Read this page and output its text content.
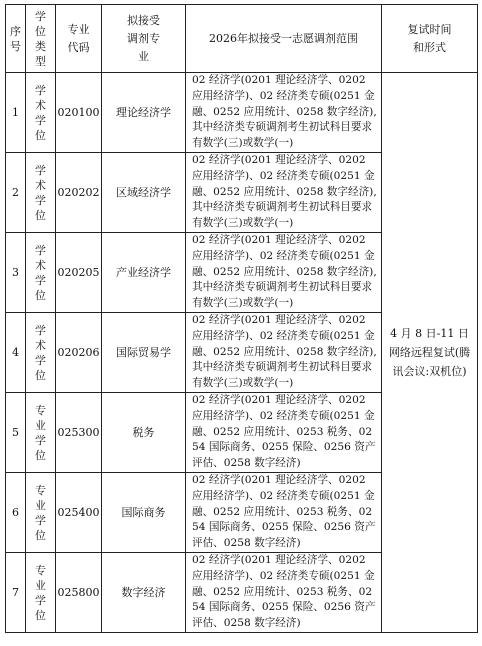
序号	学位类型	专业代码	拟接受调剂专业	2026年拟接受一志愿调剂范围	复试时间和形式

1	学术学位	020100	理论经济学	02 经济学(0201 理论经济学、0202 应用经济学)、02 经济类专硕(0251 金融、0252 应用统计、0258 数字经济),其中经济类专硕调剂考生初试科目要求有数学(三)或数学(一)	4 月 8 日-11 日网络远程复试(腾讯会议:双机位)
2	学术学位	020202	区域经济学	02 经济学(0201 理论经济学、0202 应用经济学)、02 经济类专硕(0251 金融、0252 应用统计、0258 数字经济),其中经济类专硕调剂考生初试科目要求有数学(三)或数学(一)	
3	学术学位	020205	产业经济学	02 经济学(0201 理论经济学、0202 应用经济学)、02 经济类专硕(0251 金融、0252 应用统计、0258 数字经济),其中经济类专硕调剂考生初试科目要求有数学(三)或数学(一)	
4	学术学位	020206	国际贸易学	02 经济学(0201 理论经济学、0202 应用经济学)、02 经济类专硕(0251 金融、0252 应用统计、0258 数字经济),其中经济类专硕调剂考生初试科目要求有数学(三)或数学(一)	
5	专业学位	025300	税务	02 经济学(0201 理论经济学、0202 应用经济学)、02 经济类专硕(0251 金融、0252 应用统计、0253 税务、0254 国际商务、0255 保险、0256 资产评估、0258 数字经济)	
6	专业学位	025400	国际商务	02 经济学(0201 理论经济学、0202 应用经济学)、02 经济类专硕(0251 金融、0252 应用统计、0253 税务、0254 国际商务、0255 保险、0256 资产评估、0258 数字经济)	
7	专业学位	025800	数字经济	02 经济学(0201 理论经济学、0202 应用经济学)、02 经济类专硕(0251 金融、0252 应用统计、0253 税务、0254 国际商务、0255 保险、0256 资产评估、0258 数字经济)	
